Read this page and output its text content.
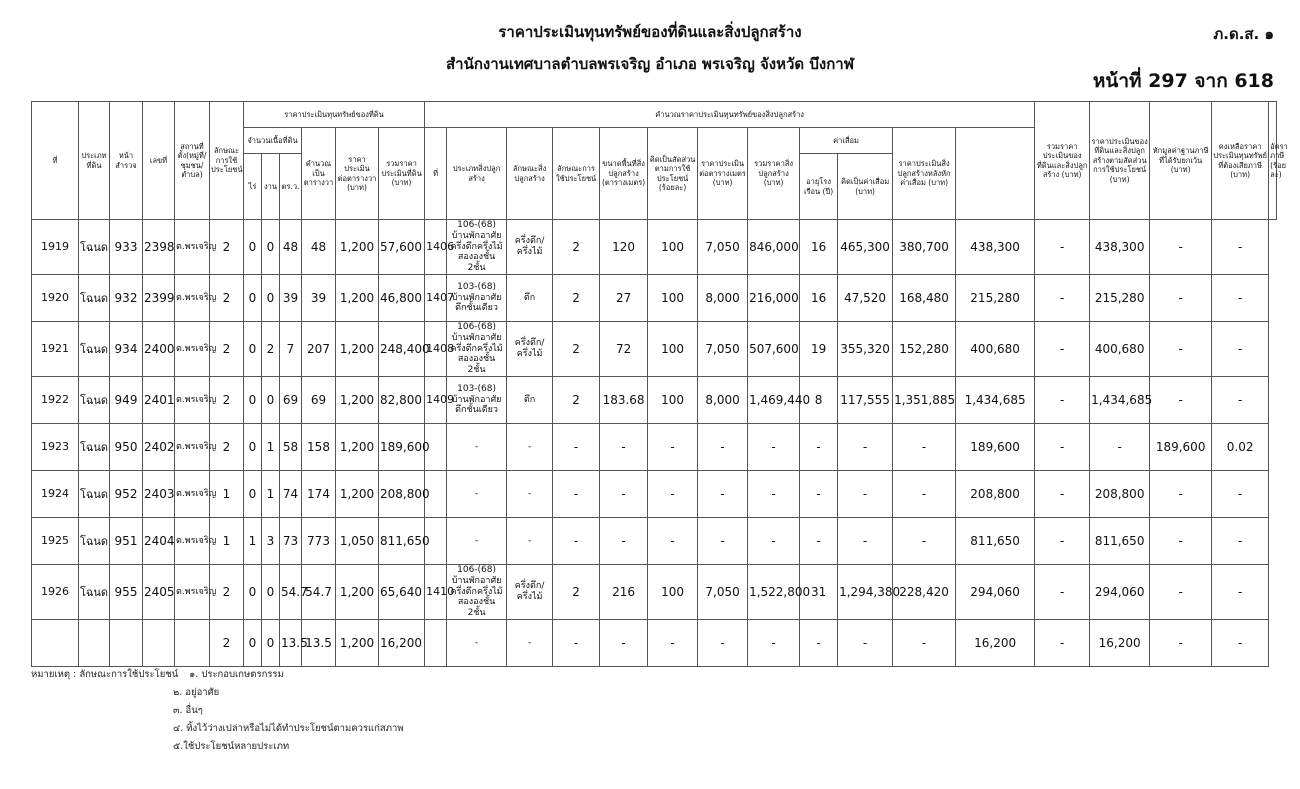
ราคาประเมินทุนทรัพย์ของที่ดินและสิ่งปลูกสร้าง
สำนักงานเทศบาลตำบลพรเจริญ อำเภอ พรเจริญ จังหวัด บึงกาฬ
ภ.ด.ส. ๑
หน้าที่ 297 จาก 618
ที่	ประเภทที่ดิน	หน้าสำรวจ	เลขที่	สถานที่ตั้ง(หมู่ที่/ชุมชน/ตำบล)	ลักษณะการใช้ประโยชน์	ราคาประเมินทุนทรัพย์ของที่ดิน						คำนวณราคาประเมินทุนทรัพย์ของสิ่งปลูกสร้าง												รวมราคาประเมินของที่ดินและสิ่งปลูกสร้าง (บาท)	ราคาประเมินของที่ดินและสิ่งปลูกสร้างตามสัดส่วนการใช้ประโยชน์ (บาท)	หักมูลค่าฐานภาษีที่ได้รับยกเว้น (บาท)	คงเหลือราคาประเมินทุนทรัพย์ที่ต้องเสียภาษี (บาท)	อัตราภาษี (ร้อยละ)
						จำนวนเนื้อที่ดิน			คำนวณเป็นตารางวา	ราคาประเมินต่อตารางวา (บาท)	รวมราคาประเมินที่ดิน (บาท)	ที่	ประเภทสิ่งปลูกสร้าง	ลักษณะสิ่งปลูกสร้าง	ลักษณะการใช้ประโยชน์	ขนาดพื้นที่สิ่งปลูกสร้าง (ตารางเมตร)	คิดเป็นสัดส่วนตามการใช้ประโยชน์ (ร้อยละ)	ราคาประเมินต่อตารางเมตร (บาท)	รวมราคาสิ่งปลูกสร้าง (บาท)	ค่าเสื่อม		ราคาประเมินสิ่งปลูกสร้างหลังหักค่าเสื่อม (บาท)						
						ไร่	งาน	ตร.ว.												อายุโรงเรือน (ปี)	คิดเป็นค่าเสื่อม (บาท)							
1919	โฉนด	933	2398	ต.พรเจริญ	2	0	0	48	48	1,200	57,600	1406	106-(68) บ้านพักอาศัยครึ่งตึกครึ่งไม้สององชั้น 2ชั้น	ครึ่งตึก/ครึ่งไม้	2	120	100	7,050	846,000	16	465,300	380,700	438,300	-	438,300	-	-	
1920	โฉนด	932	2399	ต.พรเจริญ	2	0	0	39	39	1,200	46,800	1407	103-(68) บ้านพักอาศัยตึกชั้นเดียว	ตึก	2	27	100	8,000	216,000	16	47,520	168,480	215,280	-	215,280	-	-	
1921	โฉนด	934	2400	ต.พรเจริญ	2	0	2	7	207	1,200	248,400	1408	106-(68) บ้านพักอาศัยครึ่งตึกครึ่งไม้สององชั้น 2ชั้น	ครึ่งตึก/ครึ่งไม้	2	72	100	7,050	507,600	19	355,320	152,280	400,680	-	400,680	-	-	
1922	โฉนด	949	2401	ต.พรเจริญ	2	0	0	69	69	1,200	82,800	1409	103-(68) บ้านพักอาศัยตึกชั้นเดียว	ตึก	2	183.68	100	8,000	1,469,440	8	117,555	1,351,885	1,434,685	-	1,434,685	-	-	
1923	โฉนด	950	2402	ต.พรเจริญ	2	0	1	58	158	1,200	189,600		-	-	-	-	-	-	-	-	-	-	189,600	-	-	189,600	0.02	
1924	โฉนด	952	2403	ต.พรเจริญ	1	0	1	74	174	1,200	208,800		-	-	-	-	-	-	-	-	-	-	208,800	-	208,800	-	-	
1925	โฉนด	951	2404	ต.พรเจริญ	1	1	3	73	773	1,050	811,650		-	-	-	-	-	-	-	-	-	-	811,650	-	811,650	-	-	
1926	โฉนด	955	2405	ต.พรเจริญ	2	0	0	54.7	54.7	1,200	65,640	1410	106-(68) บ้านพักอาศัยครึ่งตึกครึ่งไม้สององชั้น 2ชั้น	ครึ่งตึก/ครึ่งไม้	2	216	100	7,050	1,522,800	31	1,294,380	228,420	294,060	-	294,060	-	-	
					2	0	0	13.5	13.5	1,200	16,200		-	-	-	-	-	-	-	-	-	-	16,200	-	16,200	-	-	
หมายเหตุ : ลักษณะการใช้ประโยชน์ ๑. ประกอบเกษตรกรรม
๒. อยู่อาศัย
๓. อื่นๆ
๔. ทิ้งไว้ว่างเปล่าหรือไม่ได้ทำประโยชน์ตามควรแก่สภาพ
๕.ใช้ประโยชน์หลายประเภท
